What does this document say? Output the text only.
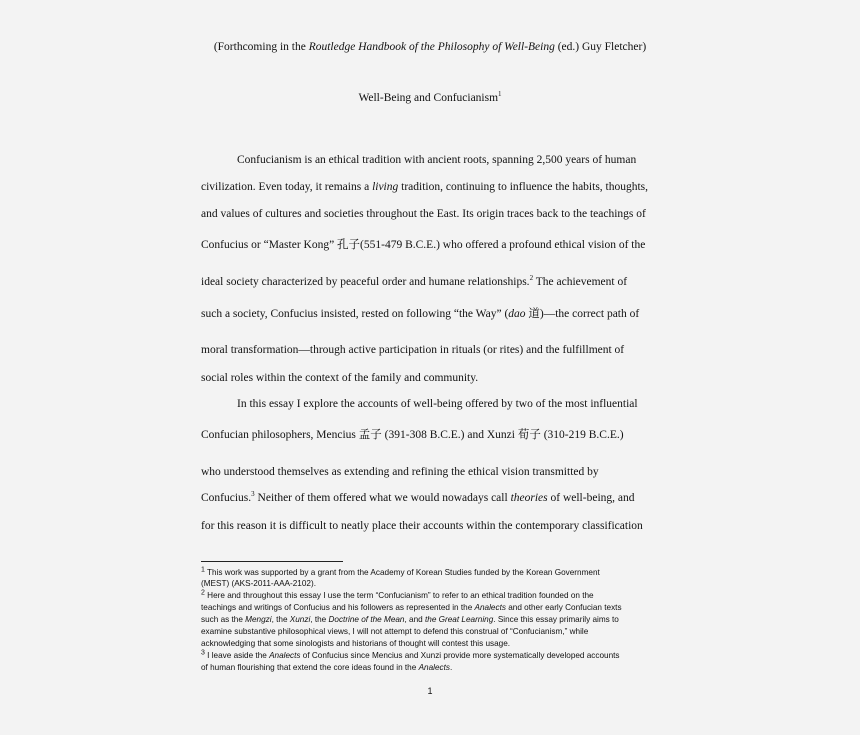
(Forthcoming in the Routledge Handbook of the Philosophy of Well-Being (ed.) Guy Fletcher)
Well-Being and Confucianism$^1$
Confucianism is an ethical tradition with ancient roots, spanning 2,500 years of human
civilization. Even today, it remains a living tradition, continuing to influence the habits, thoughts,
and values of cultures and societies throughout the East. Its origin traces back to the teachings of
Confucius or “Master Kong” 孔子(551-479 B.C.E.) who offered a profound ethical vision of the
ideal society characterized by peaceful order and humane relationships.$^2$ The achievement of
such a society, Confucius insisted, rested on following “the Way” (dao 道)—the correct path of
moral transformation—through active participation in rituals (or rites) and the fulfillment of
social roles within the context of the family and community.
In this essay I explore the accounts of well-being offered by two of the most influential
Confucian philosophers, Mencius 孟子 (391-308 B.C.E.) and Xunzi 荀子 (310-219 B.C.E.)
who understood themselves as extending and refining the ethical vision transmitted by
Confucius.$^3$ Neither of them offered what we would nowadays call theories of well-being, and
for this reason it is difficult to neatly place their accounts within the contemporary classification
$^1$ This work was supported by a grant from the Academy of Korean Studies funded by the Korean Government
(MEST) (AKS-2011-AAA-2102).
$^2$ Here and throughout this essay I use the term “Confucianism” to refer to an ethical tradition founded on the
teachings and writings of Confucius and his followers as represented in the Analects and other early Confucian texts
such as the Mengzi, the Xunzi, the Doctrine of the Mean, and the Great Learning. Since this essay primarily aims to
examine substantive philosophical views, I will not attempt to defend this construal of “Confucianism,” while
acknowledging that some sinologists and historians of thought will contest this usage.
$^3$ I leave aside the Analects of Confucius since Mencius and Xunzi provide more systematically developed accounts
of human flourishing that extend the core ideas found in the Analects.
1
